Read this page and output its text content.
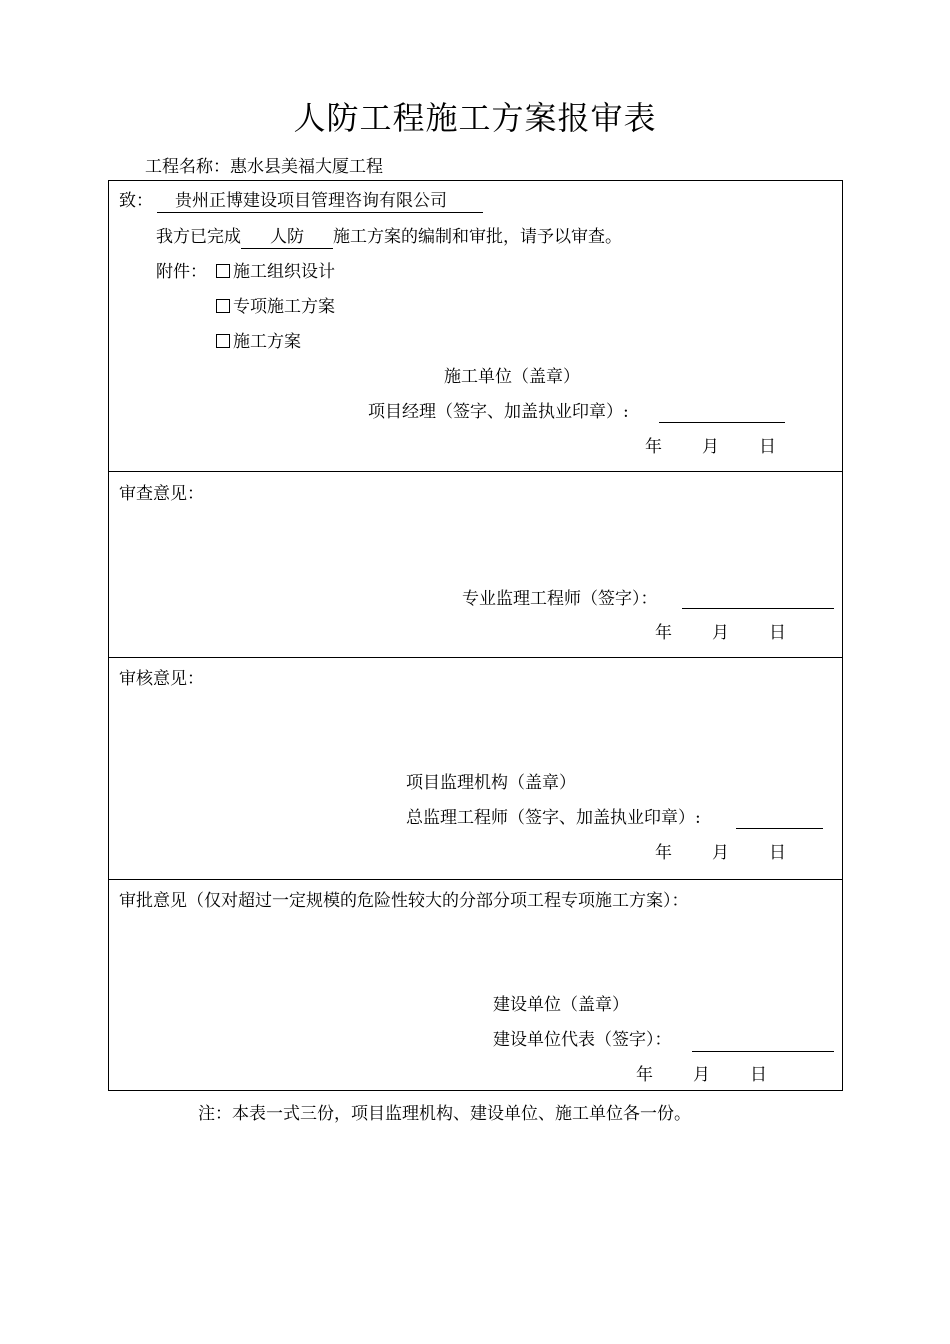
人防工程施工方案报审表
工程名称：惠水县美福大厦工程
致： 贵州正博建设项目管理咨询有限公司
我方已完成 人防 施工方案的编制和审批，请予以审查。
附件：	施工组织设计
专项施工方案
施工方案
施工单位（盖章）
项目经理（签字、加盖执业印章）:
年 月 日
审查意见：
专业监理工程师（签字）：
年 月 日
审核意见：
项目监理机构（盖章）
总监理工程师（签字、加盖执业印章）:
年 月 日
审批意见（仅对超过一定规模的危险性较大的分部分项工程专项施工方案）：
建设单位（盖章）
建设单位代表（签字）：
年 月 日
注：本表一式三份，项目监理机构、建设单位、施工单位各一份。
